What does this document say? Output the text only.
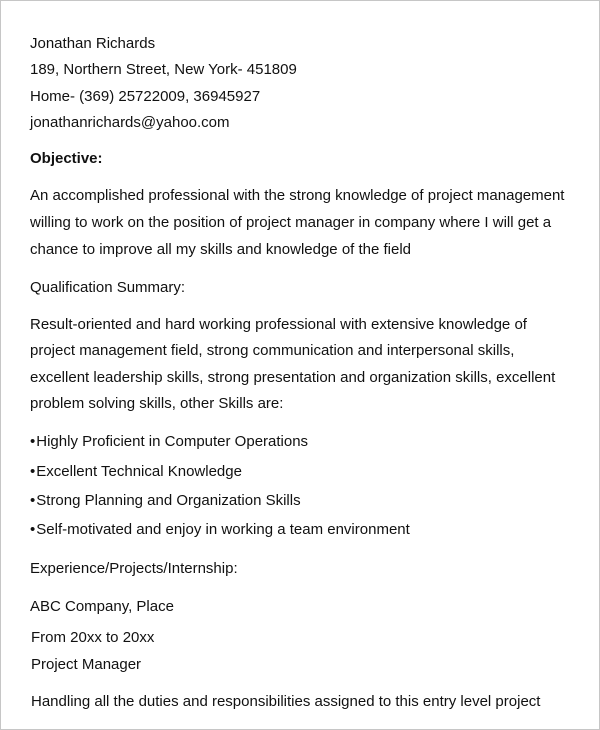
Jonathan Richards

189, Northern Street, New York- 451809

Home- (369) 25722009, 36945927

jonathanrichards@yahoo.com

Objective:

An accomplished professional with the strong knowledge of project management

willing to work on the position of project manager in company where I will get a

chance to improve all my skills and knowledge of the field

Qualification Summary:

Result-oriented and hard working professional with extensive knowledge of

project management field, strong communication and interpersonal skills,

excellent leadership skills, strong presentation and organization skills, excellent

problem solving skills, other Skills are:

•Highly Proficient in Computer Operations

•Excellent Technical Knowledge

•Strong Planning and Organization Skills

•Self-motivated and enjoy in working a team environment

Experience/Projects/Internship:

ABC Company, Place

From 20xx to 20xx

Project Manager

Handling all the duties and responsibilities assigned to this entry level project
